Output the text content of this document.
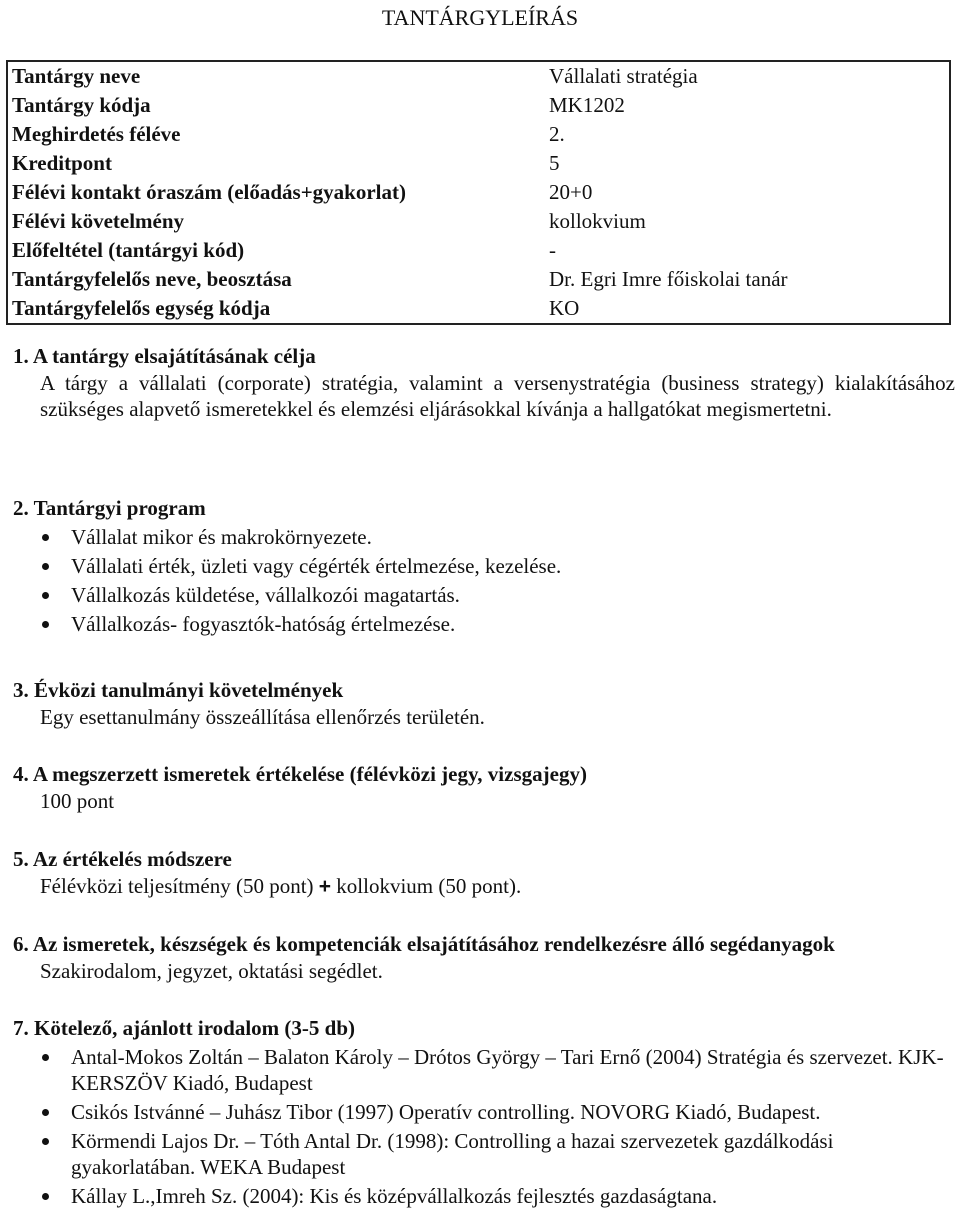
TANTÁRGYLEÍRÁS
Tantárgy neve	Vállalati stratégia
Tantárgy kódja	MK1202
Meghirdetés féléve	2.
Kreditpont	5
Félévi kontakt óraszám (előadás+gyakorlat)	20+0
Félévi követelmény	kollokvium
Előfeltétel (tantárgyi kód)	-
Tantárgyfelelős neve, beosztása	Dr. Egri Imre főiskolai tanár
Tantárgyfelelős egység kódja	KO
1. A tantárgy elsajátításának célja

A tárgy a vállalati (corporate) stratégia, valamint a versenystratégia (business strategy) kialakításához szükséges alapvető ismeretekkel és elemzési eljárásokkal kívánja a hallgatókat megismertetni.

2. Tantárgyi program
Vállalat mikor és makrokörnyezete.
Vállalati érték, üzleti vagy cégérték értelmezése, kezelése.
Vállalkozás küldetése, vállalkozói magatartás.
Vállalkozás- fogyasztók-hatóság értelmezése.
3. Évközi tanulmányi követelmények

Egy esettanulmány összeállítása ellenőrzés területén.

4. A megszerzett ismeretek értékelése (félévközi jegy, vizsgajegy)

100 pont

5. Az értékelés módszere

Félévközi teljesítmény (50 pont) + kollokvium (50 pont).

6. Az ismeretek, készségek és kompetenciák elsajátításához rendelkezésre álló segédanyagok

Szakirodalom, jegyzet, oktatási segédlet.

7. Kötelező, ajánlott irodalom (3-5 db)
Antal-Mokos Zoltán – Balaton Károly – Drótos György – Tari Ernő (2004) Stratégia és szervezet. KJK-KERSZÖV Kiadó, Budapest
Csikós Istvánné – Juhász Tibor (1997) Operatív controlling. NOVORG Kiadó, Budapest.
Körmendi Lajos Dr. – Tóth Antal Dr. (1998): Controlling a hazai szervezetek gazdálkodási gyakorlatában. WEKA Budapest
Kállay L.,Imreh Sz. (2004): Kis és középvállalkozás fejlesztés gazdaságtana.
